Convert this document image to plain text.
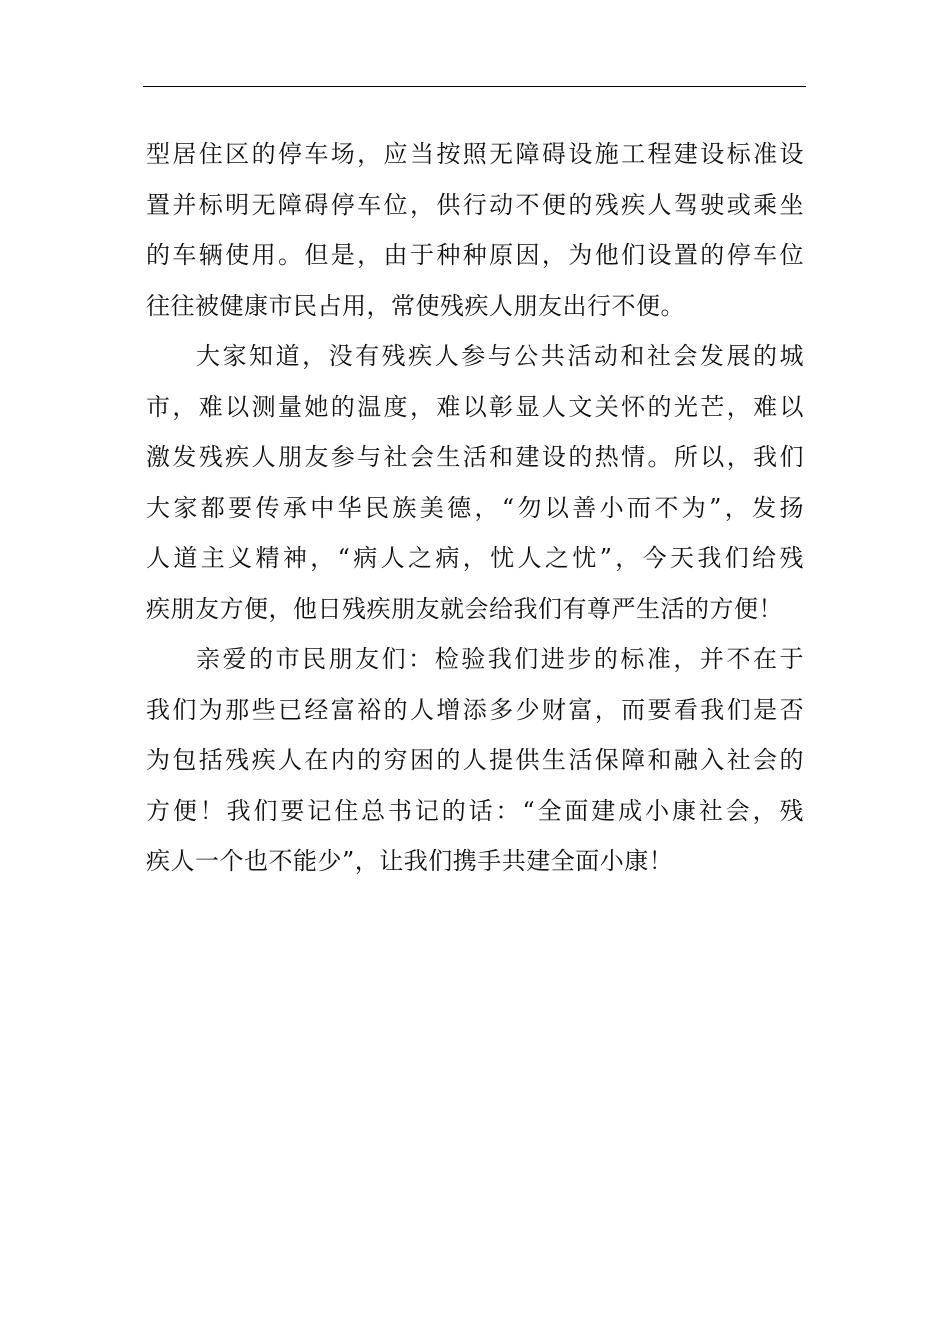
型居住区的停车场，应当按照无障碍设施工程建设标准设
置并标明无障碍停车位，供行动不便的残疾人驾驶或乘坐
的车辆使用。但是，由于种种原因，为他们设置的停车位
往往被健康市民占用，常使残疾人朋友出行不便。
大家知道，没有残疾人参与公共活动和社会发展的城
市，难以测量她的温度，难以彰显人文关怀的光芒，难以
激发残疾人朋友参与社会生活和建设的热情。所以，我们
大家都要传承中华民族美德，“勿以善小而不为”，发扬
人道主义精神，“病人之病，忧人之忧”，今天我们给残
疾朋友方便，他日残疾朋友就会给我们有尊严生活的方便！
亲爱的市民朋友们：检验我们进步的标准，并不在于
我们为那些已经富裕的人增添多少财富，而要看我们是否
为包括残疾人在内的穷困的人提供生活保障和融入社会的
方便！我们要记住总书记的话：“全面建成小康社会，残
疾人一个也不能少”，让我们携手共建全面小康！
